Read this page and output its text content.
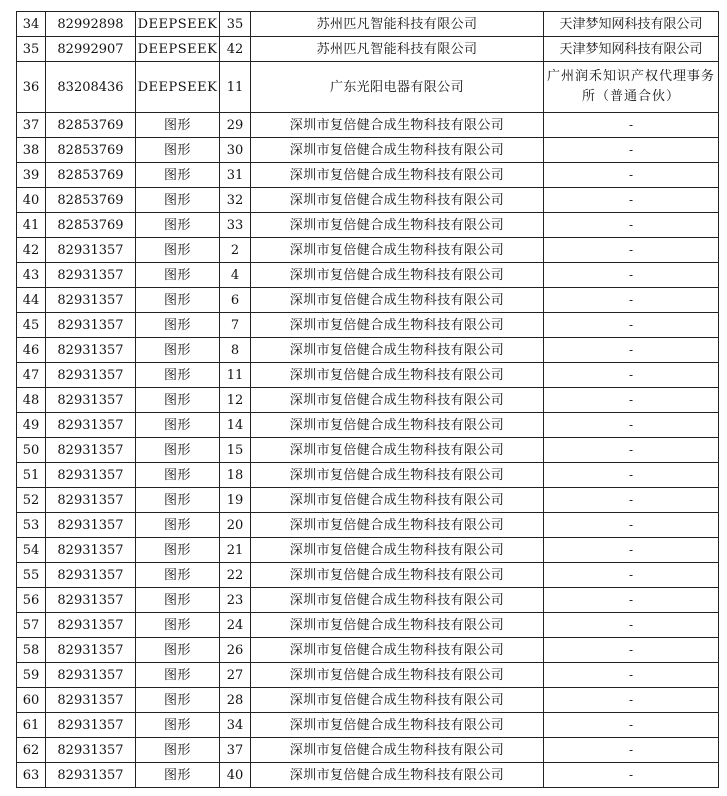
34	82992898	DEEPSEEK	35	苏州匹凡智能科技有限公司	天津梦知网科技有限公司
35	82992907	DEEPSEEK	42	苏州匹凡智能科技有限公司	天津梦知网科技有限公司
36	83208436	DEEPSEEK	11	广东光阳电器有限公司	广州润禾知识产权代理事务所（普通合伙）
37	82853769	图形	29	深圳市复倍健合成生物科技有限公司	-
38	82853769	图形	30	深圳市复倍健合成生物科技有限公司	-
39	82853769	图形	31	深圳市复倍健合成生物科技有限公司	-
40	82853769	图形	32	深圳市复倍健合成生物科技有限公司	-
41	82853769	图形	33	深圳市复倍健合成生物科技有限公司	-
42	82931357	图形	2	深圳市复倍健合成生物科技有限公司	-
43	82931357	图形	4	深圳市复倍健合成生物科技有限公司	-
44	82931357	图形	6	深圳市复倍健合成生物科技有限公司	-
45	82931357	图形	7	深圳市复倍健合成生物科技有限公司	-
46	82931357	图形	8	深圳市复倍健合成生物科技有限公司	-
47	82931357	图形	11	深圳市复倍健合成生物科技有限公司	-
48	82931357	图形	12	深圳市复倍健合成生物科技有限公司	-
49	82931357	图形	14	深圳市复倍健合成生物科技有限公司	-
50	82931357	图形	15	深圳市复倍健合成生物科技有限公司	-
51	82931357	图形	18	深圳市复倍健合成生物科技有限公司	-
52	82931357	图形	19	深圳市复倍健合成生物科技有限公司	-
53	82931357	图形	20	深圳市复倍健合成生物科技有限公司	-
54	82931357	图形	21	深圳市复倍健合成生物科技有限公司	-
55	82931357	图形	22	深圳市复倍健合成生物科技有限公司	-
56	82931357	图形	23	深圳市复倍健合成生物科技有限公司	-
57	82931357	图形	24	深圳市复倍健合成生物科技有限公司	-
58	82931357	图形	26	深圳市复倍健合成生物科技有限公司	-
59	82931357	图形	27	深圳市复倍健合成生物科技有限公司	-
60	82931357	图形	28	深圳市复倍健合成生物科技有限公司	-
61	82931357	图形	34	深圳市复倍健合成生物科技有限公司	-
62	82931357	图形	37	深圳市复倍健合成生物科技有限公司	-
63	82931357	图形	40	深圳市复倍健合成生物科技有限公司	-
